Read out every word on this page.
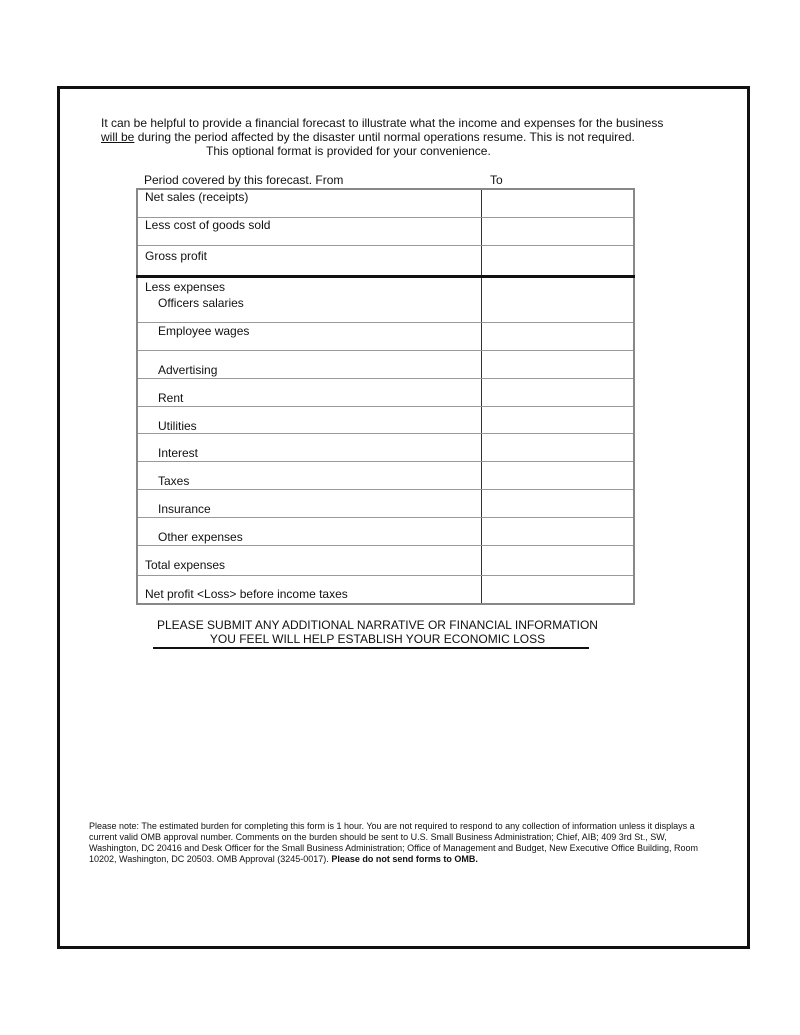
It can be helpful to provide a financial forecast to illustrate what the income and expenses for the business
will be during the period affected by the disaster until normal operations resume. This is not required.
This optional format is provided for your convenience.
Period covered by this forecast. From	To
Net sales (receipts)	
Less cost of goods sold	
Gross profit	
Less expenses
Officers salaries	
Employee wages	
Advertising	
Rent	
Utilities	
Interest	
Taxes	
Insurance	
Other expenses	
Total expenses	
Net profit <Loss> before income taxes	
PLEASE SUBMIT ANY ADDITIONAL NARRATIVE OR FINANCIAL INFORMATION
YOU FEEL WILL HELP ESTABLISH YOUR ECONOMIC LOSS
Please note: The estimated burden for completing this form is 1 hour. You are not required to respond to any collection of information unless it displays a current valid OMB approval number. Comments on the burden should be sent to U.S. Small Business Administration; Chief, AIB; 409 3rd St., SW, Washington, DC 20416 and Desk Officer for the Small Business Administration; Office of Management and Budget, New Executive Office Building, Room 10202, Washington, DC 20503. OMB Approval (3245-0017). Please do not send forms to OMB.
